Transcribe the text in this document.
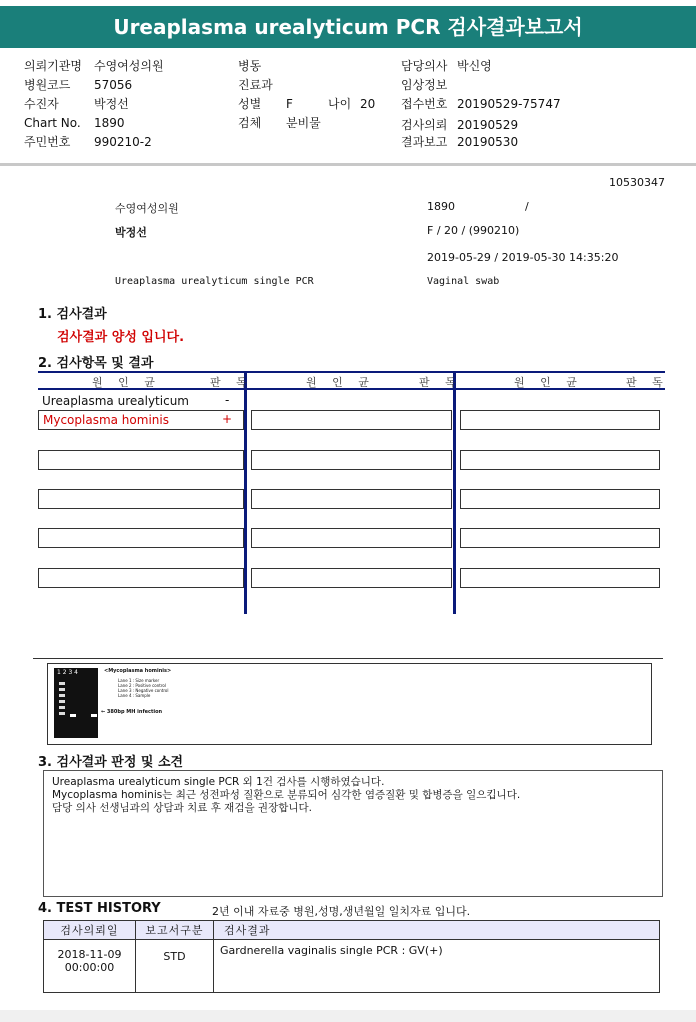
Ureaplasma urealyticum PCR 검사결과보고서
의뢰기관명 수영여성의원
병원코드 57056
수진자	박정선
Chart No. 1890
주민번호 990210-2
병동
진료과
성별 F	나이 20
검체 분비물
담당의사 박신영
임상정보
접수번호 20190529-75747
검사의뢰 20190529
결과보고 20190530
10530347
수영여성의원	1890	/
박정선	F / 20 / (990210)
2019-05-29 / 2019-05-30 14:35:20
Ureaplasma urealyticum single PCR	Vaginal swab
1. 검사결과
검사결과 양성 입니다.
2. 검사항목 및 결과
원 인 균	판 독	원 인 균	판 독	원 인 균	판 독
Ureaplasma urealyticum	-
Mycoplasma hominis	+
1 2 3 4	<Mycoplasma hominis>
Lane 1 : Size marker
Lane 2 : Positive control
Lane 3 : Negative control
Lane 4 : Sample
← 380bp MH infection
3. 검사결과 판정 및 소견
Ureaplasma urealyticum single PCR 외 1건 검사를 시행하였습니다.
Mycoplasma hominis는 최근 성전파성 질환으로 분류되어 심각한 염증질환 및 합병증을 일으킵니다.
담당 의사 선생님과의 상담과 치료 후 재검을 권장합니다.
4. TEST HISTORY	2년 이내 자료중 병원,성명,생년월일 일치자료 입니다.
검사의뢰일	보고서구분	검사결과

2018-11-09
00:00:00	STD	Gardnerella vaginalis single PCR : GV(+)
